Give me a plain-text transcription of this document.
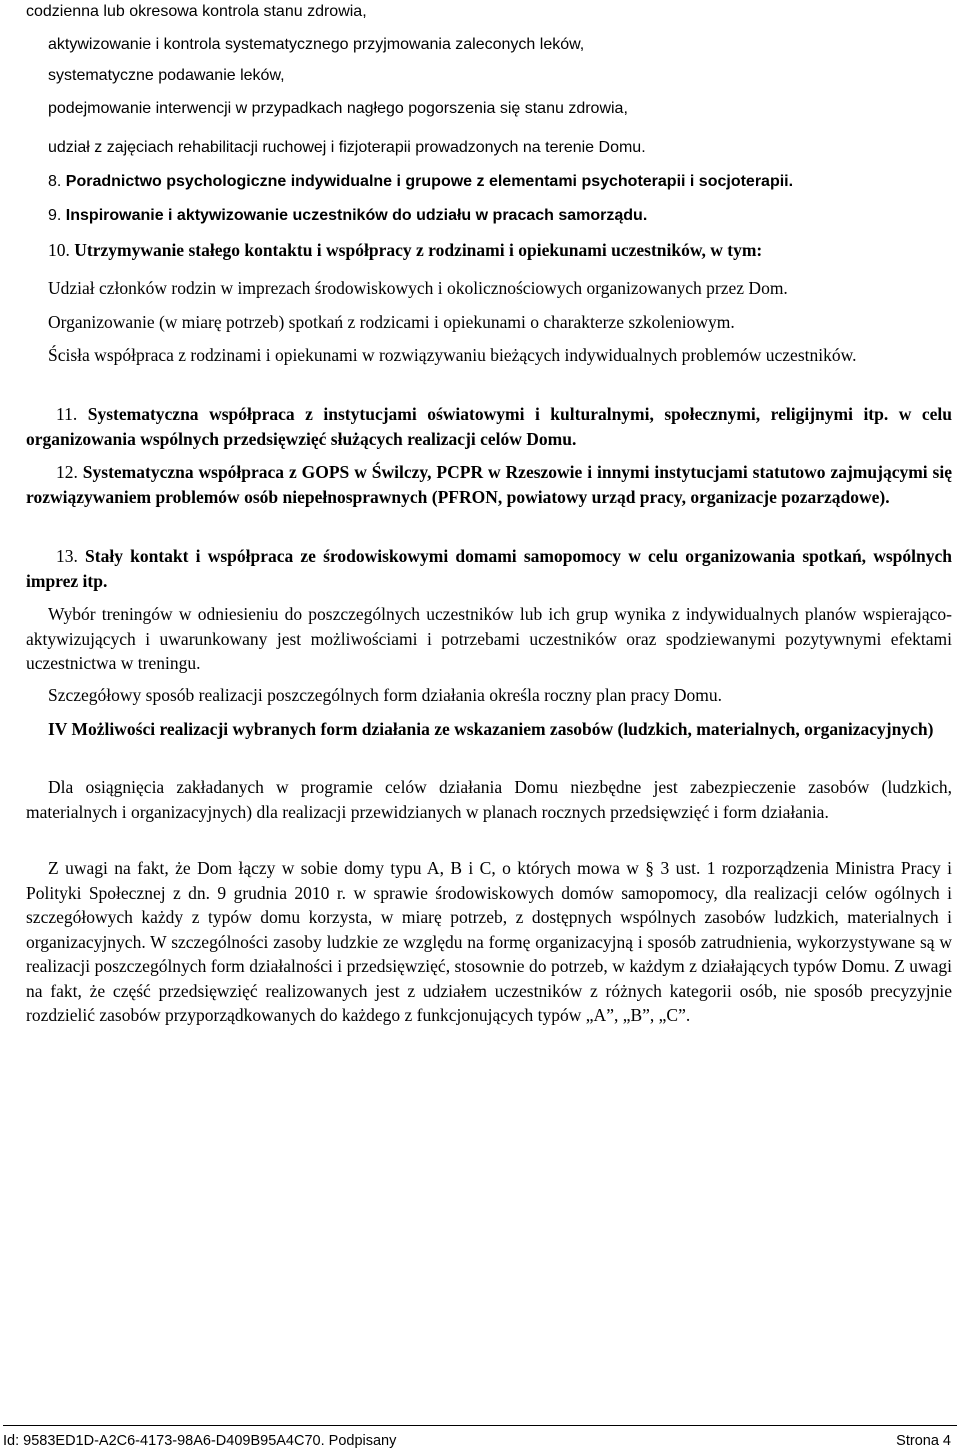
codzienna lub okresowa kontrola stanu zdrowia,
aktywizowanie i kontrola systematycznego przyjmowania zaleconych leków,
systematyczne podawanie leków,
podejmowanie interwencji w przypadkach nagłego pogorszenia się stanu zdrowia,
udział z zajęciach rehabilitacji ruchowej i fizjoterapii prowadzonych na terenie Domu.
8. Poradnictwo psychologiczne indywidualne i grupowe z elementami psychoterapii i socjoterapii.
9. Inspirowanie i aktywizowanie uczestników do udziału w pracach samorządu.
10. Utrzymywanie stałego kontaktu i współpracy z rodzinami i opiekunami uczestników, w tym:
Udział członków rodzin w imprezach środowiskowych i okolicznościowych organizowanych przez Dom.
Organizowanie (w miarę potrzeb) spotkań z rodzicami i opiekunami o charakterze szkoleniowym.
Ścisła współpraca z rodzinami i opiekunami w rozwiązywaniu bieżących indywidualnych problemów uczestników.
11. Systematyczna współpraca z instytucjami oświatowymi i kulturalnymi, społecznymi, religijnymi itp. w celu organizowania wspólnych przedsięwzięć służących realizacji celów Domu.
12. Systematyczna współpraca z GOPS w Świlczy, PCPR w Rzeszowie i innymi instytucjami statutowo zajmującymi się rozwiązywaniem problemów osób niepełnosprawnych (PFRON, powiatowy urząd pracy, organizacje pozarządowe).
13. Stały kontakt i współpraca ze środowiskowymi domami samopomocy w celu organizowania spotkań, wspólnych imprez itp.
Wybór treningów w odniesieniu do poszczególnych uczestników lub ich grup wynika z indywidualnych planów wspierająco-aktywizujących i uwarunkowany jest możliwościami i potrzebami uczestników oraz spodziewanymi pozytywnymi efektami uczestnictwa w treningu.
Szczegółowy sposób realizacji poszczególnych form działania określa roczny plan pracy Domu.
IV Możliwości realizacji wybranych form działania ze wskazaniem zasobów (ludzkich, materialnych, organizacyjnych)
Dla osiągnięcia zakładanych w programie celów działania Domu niezbędne jest zabezpieczenie zasobów (ludzkich, materialnych i organizacyjnych) dla realizacji przewidzianych w planach rocznych przedsięwzięć i form działania.
Z uwagi na fakt, że Dom łączy w sobie domy typu A, B i C, o których mowa w § 3 ust. 1 rozporządzenia Ministra Pracy i Polityki Społecznej z dn. 9 grudnia 2010 r. w sprawie środowiskowych domów samopomocy, dla realizacji celów ogólnych i szczegółowych każdy z typów domu korzysta, w miarę potrzeb, z dostępnych wspólnych zasobów ludzkich, materialnych i organizacyjnych. W szczególności zasoby ludzkie ze względu na formę organizacyjną i sposób zatrudnienia, wykorzystywane są w realizacji poszczególnych form działalności i przedsięwzięć, stosownie do potrzeb, w każdym z działających typów Domu. Z uwagi na fakt, że część przedsięwzięć realizowanych jest z udziałem uczestników z różnych kategorii osób, nie sposób precyzyjnie rozdzielić zasobów przyporządkowanych do każdego z funkcjonujących typów „A”, „B”, „C”.
Id: 9583ED1D-A2C6-4173-98A6-D409B95A4C70. Podpisany	Strona 4
